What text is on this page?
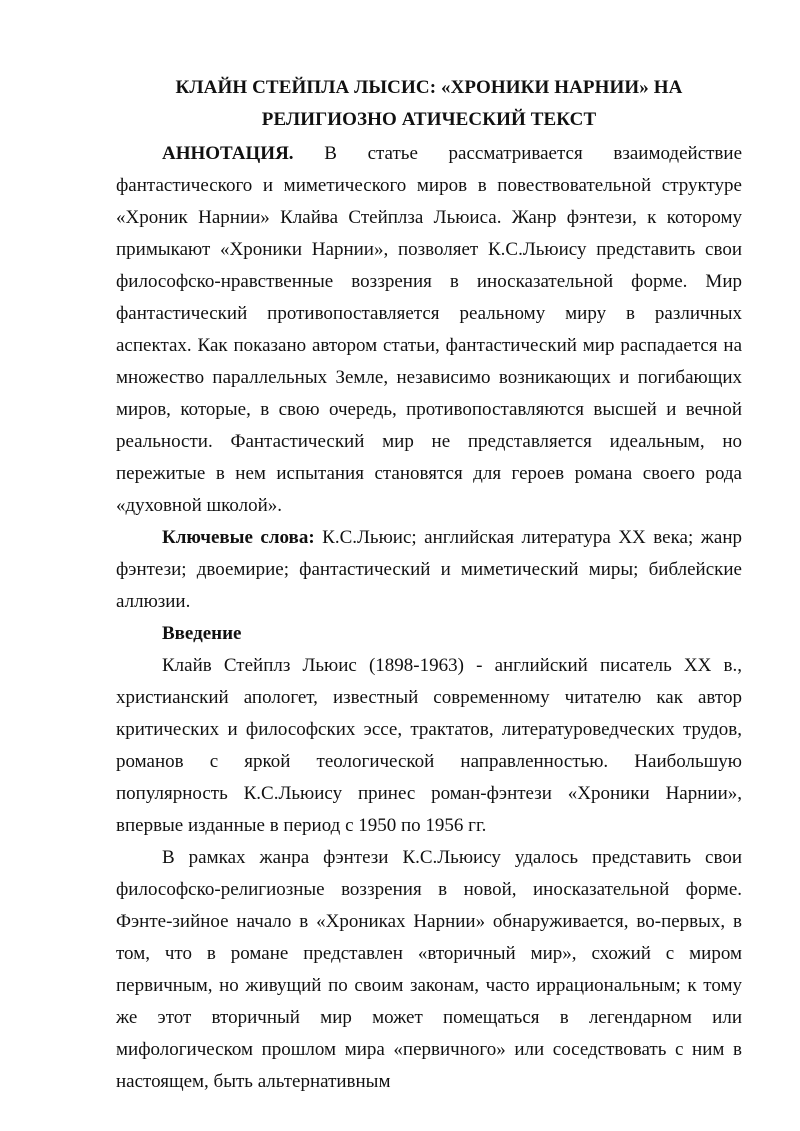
КЛАЙН СТЕЙПЛА ЛЫСИС: «ХРОНИКИ НАРНИИ» НА
РЕЛИГИОЗНО АТИЧЕСКИЙ ТЕКСТ

АННОТАЦИЯ. В статье рассматривается взаимодействие фантастического и миметического миров в повествовательной структуре «Хроник Нарнии» Клайва Стейплза Льюиса. Жанр фэнтези, к которому примыкают «Хроники Нарнии», позволяет К.С.Льюису представить свои философско-нравственные воззрения в иносказательной форме. Мир фантастический противопоставляется реальному миру в различных аспектах. Как показано автором статьи, фантастический мир распадается на множество параллельных Земле, независимо возникающих и погибающих миров, которые, в свою очередь, противопоставляются высшей и вечной реальности. Фантастический мир не представляется идеальным, но пережитые в нем испытания становятся для героев романа своего рода «духовной школой».

Ключевые слова: К.С.Льюис; английская литература XX века; жанр фэнтези; двоемирие; фантастический и миметический миры; библейские аллюзии.

Введение

Клайв Стейплз Льюис (1898-1963) - английский писатель XX в., христианский апологет, известный современному читателю как автор критических и философских эссе, трактатов, литературоведческих трудов, романов с яркой теологической направленностью. Наибольшую популярность К.С.Льюису принес роман-фэнтези «Хроники Нарнии», впервые изданные в период с 1950 по 1956 гг.

В рамках жанра фэнтези К.С.Льюису удалось представить свои философско-религиозные воззрения в новой, иносказательной форме. Фэнте-зийное начало в «Хрониках Нарнии» обнаруживается, во-первых, в том, что в романе представлен «вторичный мир», схожий с миром первичным, но живущий по своим законам, часто иррациональным; к тому же этот вторичный мир может помещаться в легендарном или мифологическом прошлом мира «первичного» или соседствовать с ним в настоящем, быть альтернативным
